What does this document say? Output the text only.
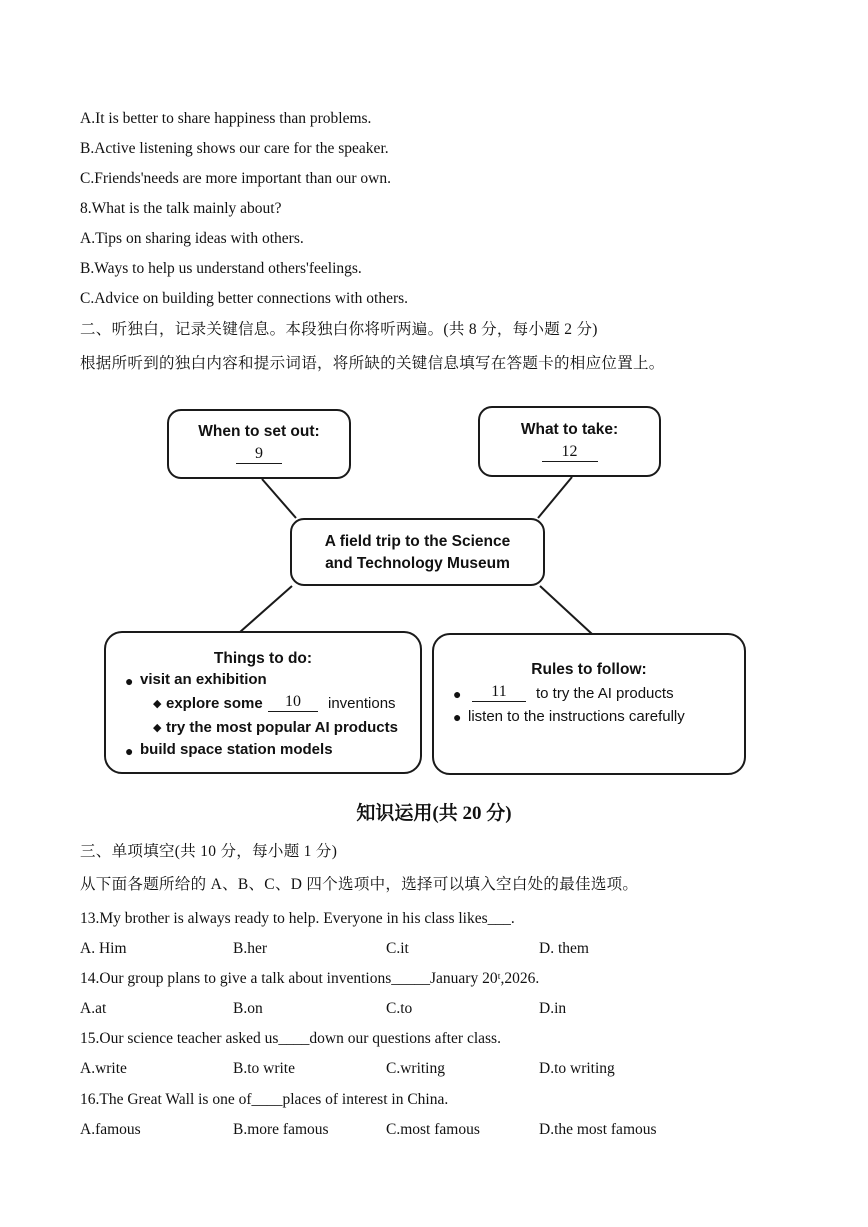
A.It is better to share happiness than problems.
B.Active listening shows our care for the speaker.
C.Friends'needs are more important than our own.
8.What is the talk mainly about?
A.Tips on sharing ideas with others.
B.Ways to help us understand others'feelings.
C.Advice on building better connections with others.
二、听独白，记录关键信息。本段独白你将听两遍。(共 8 分，每小题 2 分)
根据所听到的独白内容和提示词语，将所缺的关键信息填写在答题卡的相应位置上。
When to set out:
9
What to take:
12
A field trip to the Science
and Technology Museum
Things to do:
● visit an exhibition
◆ explore some	10	inventions
◆ try the most popular AI products
● build space station models
Rules to follow:
●	11	to try the AI products
● listen to the instructions carefully
知识运用(共 20 分)
三、单项填空(共 10 分，每小题 1 分)
从下面各题所给的 A、B、C、D 四个选项中，选择可以填入空白处的最佳选项。
13.My brother is always ready to help. Everyone in his class likes___.
A. Him	B.her	C.it	D. them
14.Our group plans to give a talk about inventions_____January 20ᵗ,2026.
A.at	B.on	C.to	D.in
15.Our science teacher asked us____down our questions after class.
A.write	B.to write	C.writing	D.to writing
16.The Great Wall is one of____places of interest in China.
A.famous	B.more famous	C.most famous	D.the most famous
